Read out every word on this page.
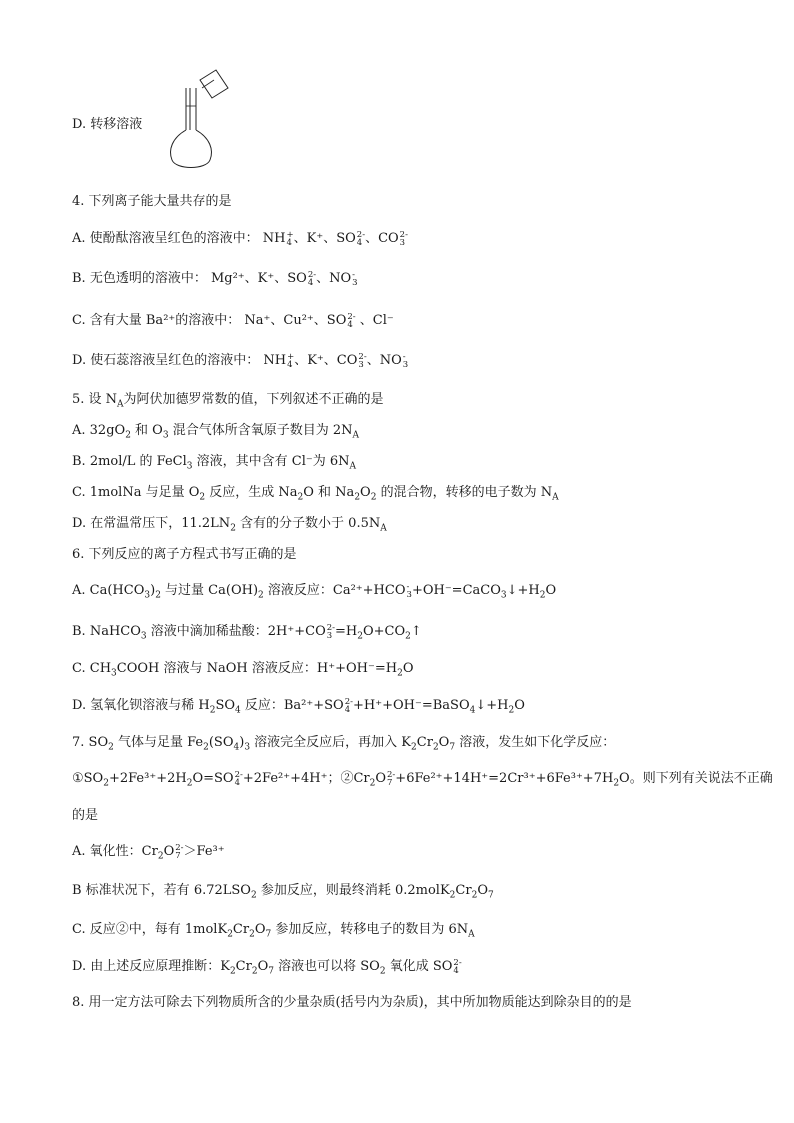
D. 转移溶液
4. 下列离子能大量共存的是
A. 使酚酞溶液呈红色的溶液中： NH +
4 、K⁺、SO 2-
4 、CO 2-
3
B. 无色透明的溶液中： Mg²⁺、K⁺、SO 2-
4 、NO -
3
C. 含有大量 Ba²⁺的溶液中： Na⁺、Cu²⁺、SO 2-
4 、Cl⁻
D. 使石蕊溶液呈红色的溶液中： NH +
4 、K⁺、CO 2-
3 、NO -
3
5. 设 $N_A$为阿伏加德罗常数的值，下列叙述不正确的是
A. $32gO_2$ 和 $O_3$ 混合气体所含氧原子数目为 $2N_A$
B. 2mol/L 的 FeCl$_3$ 溶液，其中含有 Cl⁻为 $6N_A$
C. 1molNa 与足量 $O_2$ 反应，生成 $Na_2O$ 和 $Na_2O_2$ 的混合物，转移的电子数为 $N_A$
D. 在常温常压下，$11.2LN_2$ 含有的分子数小于 $0.5N_A$
6. 下列反应的离子方程式书写正确的是
A. $Ca(HCO_3)_2$ 与过量 $Ca(OH)_2$ 溶液反应：Ca²⁺+HCO -
$3 +OH^-=CaCO_3↓+H_2O$
B. NaHCO$_3$ 溶液中滴加稀盐酸：2H⁺+CO 2-
$3 =H_2O+CO_2↑$
C. $CH_3COOH$ 溶液与 NaOH 溶液反应：$H^++OH^-=H_2O$
D. 氢氧化钡溶液与稀 $H_2SO_4$ 反应：Ba²⁺+SO 2-
$4 +H^++OH^-=BaSO_4↓+H_2O$
7. $SO_2$ 气体与足量 $Fe_2(SO_4)_3$ 溶液完全反应后，再加入 $K_2Cr_2O_7$ 溶液，发生如下化学反应：
$①SO_2+2Fe^{3+}+2H_2O=SO$ 2-
4 +2Fe²⁺+4H⁺；$②Cr_2O$ 2-
$7 +6Fe^{2+}+14H^+=2Cr^{3+}+6Fe^{3+}+7H_2O$。则下列有关说法不正确
的是
A. 氧化性：$Cr_2O$ 2-
7 ＞Fe³⁺
B 标准状况下，若有 $6.72LSO_2$ 参加反应，则最终消耗 $0.2molK_2Cr_2O_7$
C. 反应②中，每有 $1molK_2Cr_2O_7$ 参加反应，转移电子的数目为 $6N_A$
D. 由上述反应原理推断：$K_2Cr_2O_7$ 溶液也可以将 $SO_2$ 氧化成 SO 2-
4
8. 用一定方法可除去下列物质所含的少量杂质(括号内为杂质)，其中所加物质能达到除杂目的的是
